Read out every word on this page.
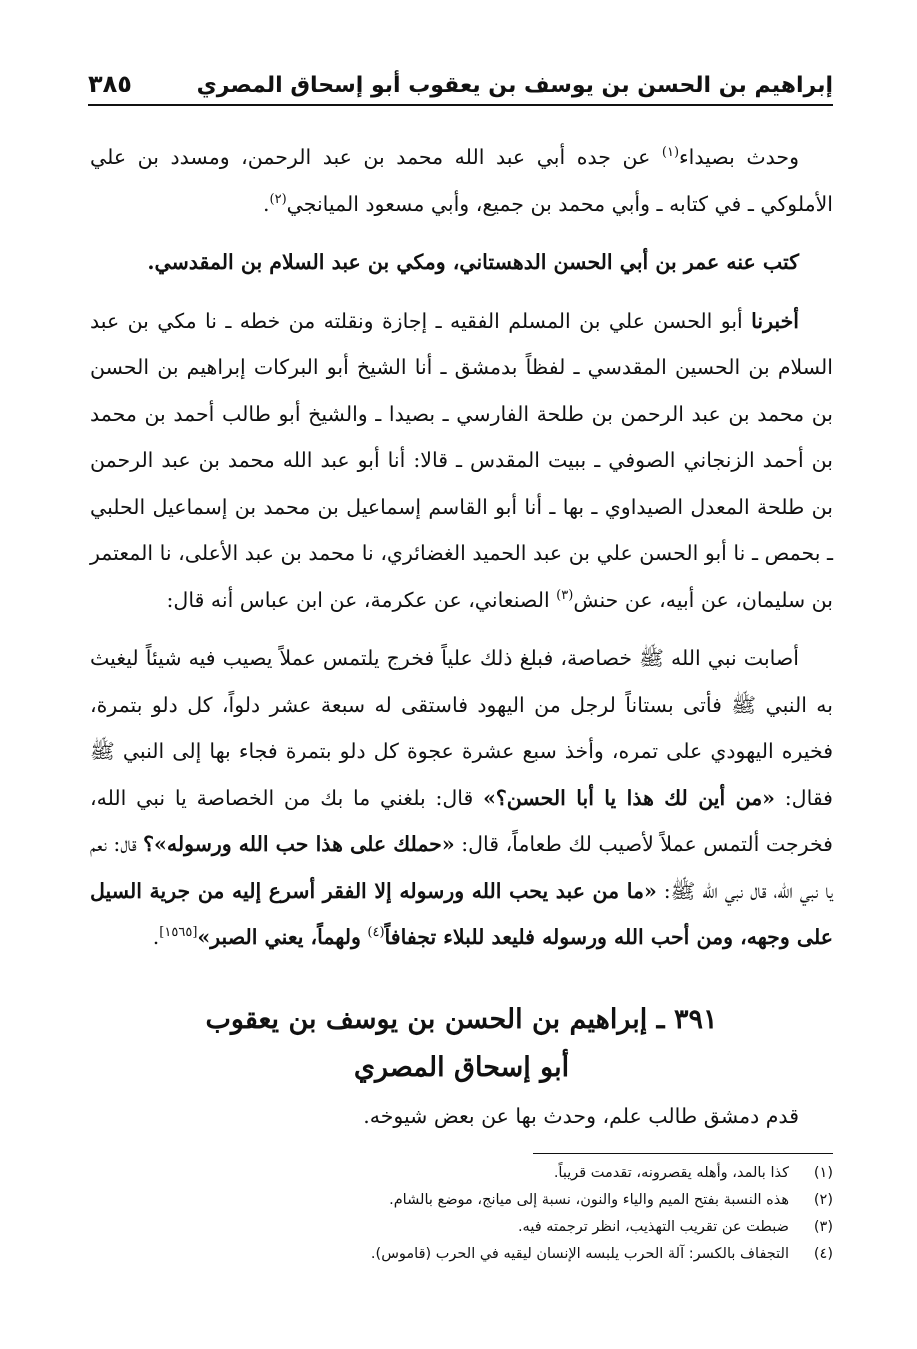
إبراهيم بن الحسن بن يوسف بن يعقوب أبو إسحاق المصري
٣٨٥

وحدث بصيداء$^{(١)}$ عن جده أبي عبد الله محمد بن عبد الرحمن، ومسدد بن علي الأملوكي ـ في كتابه ـ وأبي محمد بن جميع، وأبي مسعود الميانجي$^{(٢)}$.

كتب عنه عمر بن أبي الحسن الدهستاني، ومكي بن عبد السلام بن المقدسي.

أخبرنا أبو الحسن علي بن المسلم الفقيه ـ إجازة ونقلته من خطه ـ نا مكي بن عبد السلام بن الحسين المقدسي ـ لفظاً بدمشق ـ أنا الشيخ أبو البركات إبراهيم بن الحسن بن محمد بن عبد الرحمن بن طلحة الفارسي ـ بصيدا ـ والشيخ أبو طالب أحمد بن محمد بن أحمد الزنجاني الصوفي ـ ببيت المقدس ـ قالا: أنا أبو عبد الله محمد بن عبد الرحمن بن طلحة المعدل الصيداوي ـ بها ـ أنا أبو القاسم إسماعيل بن محمد بن إسماعيل الحلبي ـ بحمص ـ نا أبو الحسن علي بن عبد الحميد الغضائري، نا محمد بن عبد الأعلى، نا المعتمر بن سليمان، عن أبيه، عن حنش$^{(٣)}$ الصنعاني، عن عكرمة، عن ابن عباس أنه قال:

أصابت نبي الله ﷺ خصاصة، فبلغ ذلك علياً فخرج يلتمس عملاً يصيب فيه شيئاً ليغيث به النبي ﷺ فأتى بستاناً لرجل من اليهود فاستقى له سبعة عشر دلواً، كل دلو بتمرة، فخيره اليهودي على تمره، وأخذ سبع عشرة عجوة كل دلو بتمرة فجاء بها إلى النبي ﷺ فقال: «من أين لك هذا يا أبا الحسن؟» قال: بلغني ما بك من الخصاصة يا نبي الله، فخرجت ألتمس عملاً لأصيب لك طعاماً، قال: «حملك على هذا حب الله ورسوله»؟ قال: نعم يا نبي الله، قال نبي الله ﷺ: «ما من عبد يحب الله ورسوله إلا الفقر أسرع إليه من جرية السيل على وجهه، ومن أحب الله ورسوله فليعد للبلاء تجفافاً$^{(٤)}$ ولهماً، يعني الصبر»[١٥٦٥].

٣٩١ ـ إبراهيم بن الحسن بن يوسف بن يعقوب
أبو إسحاق المصري

قدم دمشق طالب علم، وحدث بها عن بعض شيوخه.

(١)
كذا بالمد، وأهله يقصرونه، تقدمت قريباً.
(٢)
هذه النسبة بفتح الميم والياء والنون، نسبة إلى ميانج، موضع بالشام.
(٣)
ضبطت عن تقريب التهذيب، انظر ترجمته فيه.
(٤)
التجفاف بالكسر: آلة الحرب يلبسه الإنسان ليقيه في الحرب (قاموس).
